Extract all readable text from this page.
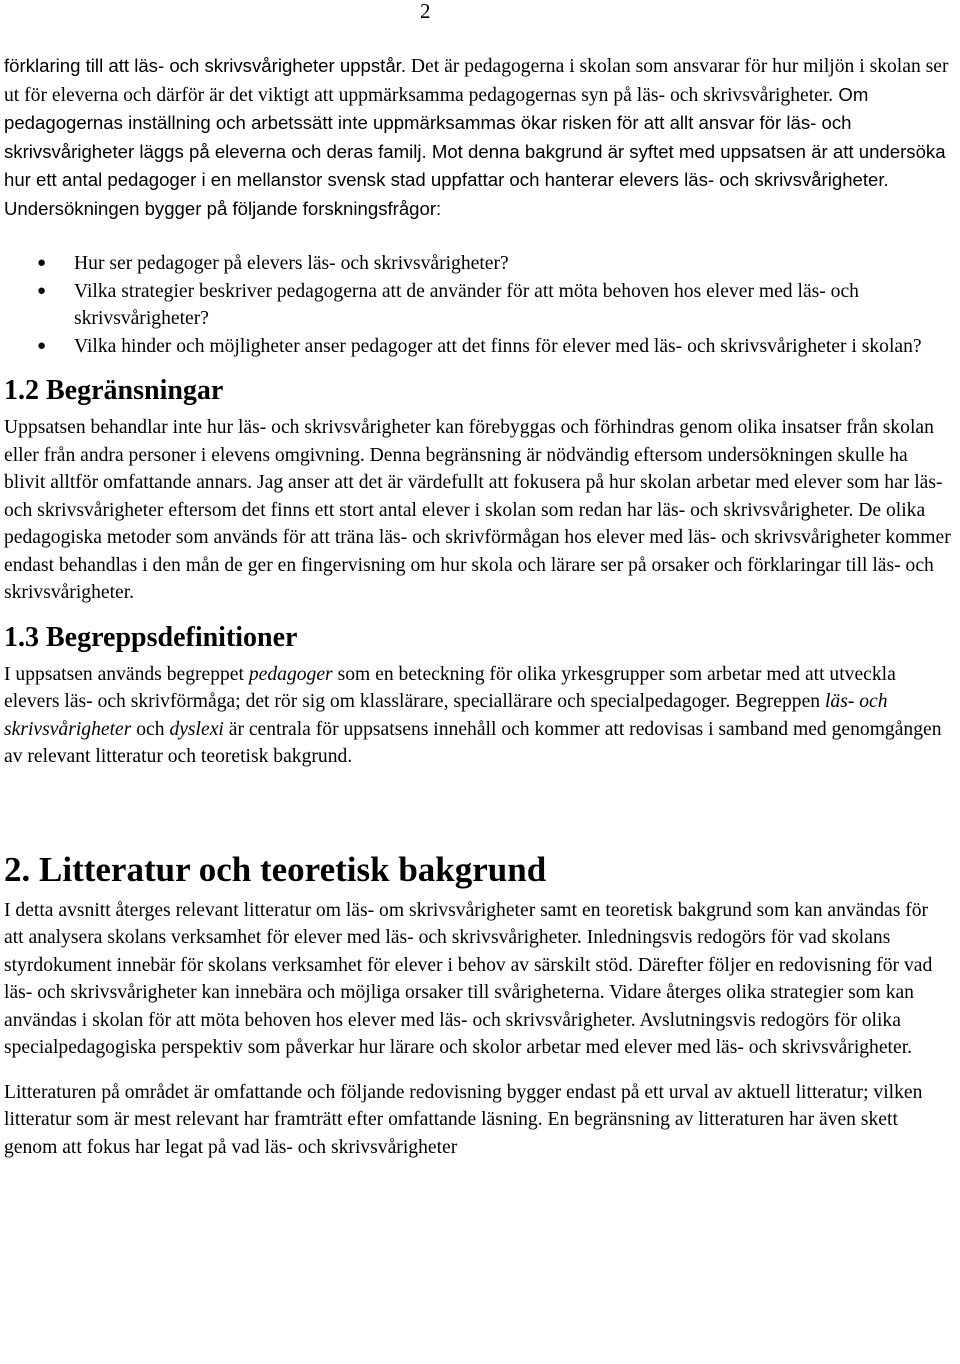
2

förklaring till att läs- och skrivsvårigheter uppstår. Det är pedagogerna i skolan som ansvarar för hur miljön i skolan ser ut för eleverna och därför är det viktigt att uppmärksamma pedagogernas syn på läs- och skrivsvårigheter. Om pedagogernas inställning och arbetssätt inte uppmärksammas ökar risken för att allt ansvar för läs- och skrivsvårigheter läggs på eleverna och deras familj. Mot denna bakgrund är syftet med uppsatsen är att undersöka hur ett antal pedagoger i en mellanstor svensk stad uppfattar och hanterar elevers läs- och skrivsvårigheter. Undersökningen bygger på följande forskningsfrågor:

● Hur ser pedagoger på elevers läs- och skrivsvårigheter?
● Vilka strategier beskriver pedagogerna att de använder för att möta behoven hos elever med läs- och skrivsvårigheter?
● Vilka hinder och möjligheter anser pedagoger att det finns för elever med läs- och skrivsvårigheter i skolan?
1.2 Begränsningar

Uppsatsen behandlar inte hur läs- och skrivsvårigheter kan förebyggas och förhindras genom olika insatser från skolan eller från andra personer i elevens omgivning. Denna begränsning är nödvändig eftersom undersökningen skulle ha blivit alltför omfattande annars. Jag anser att det är värdefullt att fokusera på hur skolan arbetar med elever som har läs- och skrivsvårigheter eftersom det finns ett stort antal elever i skolan som redan har läs- och skrivsvårigheter. De olika pedagogiska metoder som används för att träna läs- och skrivförmågan hos elever med läs- och skrivsvårigheter kommer endast behandlas i den mån de ger en fingervisning om hur skola och lärare ser på orsaker och förklaringar till läs- och skrivsvårigheter.

1.3 Begreppsdefinitioner

I uppsatsen används begreppet pedagoger som en beteckning för olika yrkesgrupper som arbetar med att utveckla elevers läs- och skrivförmåga; det rör sig om klasslärare, speciallärare och specialpedagoger. Begreppen läs- och skrivsvårigheter och dyslexi är centrala för uppsatsens innehåll och kommer att redovisas i samband med genomgången av relevant litteratur och teoretisk bakgrund.

2. Litteratur och teoretisk bakgrund

I detta avsnitt återges relevant litteratur om läs- om skrivsvårigheter samt en teoretisk bakgrund som kan användas för att analysera skolans verksamhet för elever med läs- och skrivsvårigheter. Inledningsvis redogörs för vad skolans styrdokument innebär för skolans verksamhet för elever i behov av särskilt stöd. Därefter följer en redovisning för vad läs- och skrivsvårigheter kan innebära och möjliga orsaker till svårigheterna. Vidare återges olika strategier som kan användas i skolan för att möta behoven hos elever med läs- och skrivsvårigheter. Avslutningsvis redogörs för olika specialpedagogiska perspektiv som påverkar hur lärare och skolor arbetar med elever med läs- och skrivsvårigheter.

Litteraturen på området är omfattande och följande redovisning bygger endast på ett urval av aktuell litteratur; vilken litteratur som är mest relevant har framträtt efter omfattande läsning. En begränsning av litteraturen har även skett genom att fokus har legat på vad läs- och skrivsvårigheter
